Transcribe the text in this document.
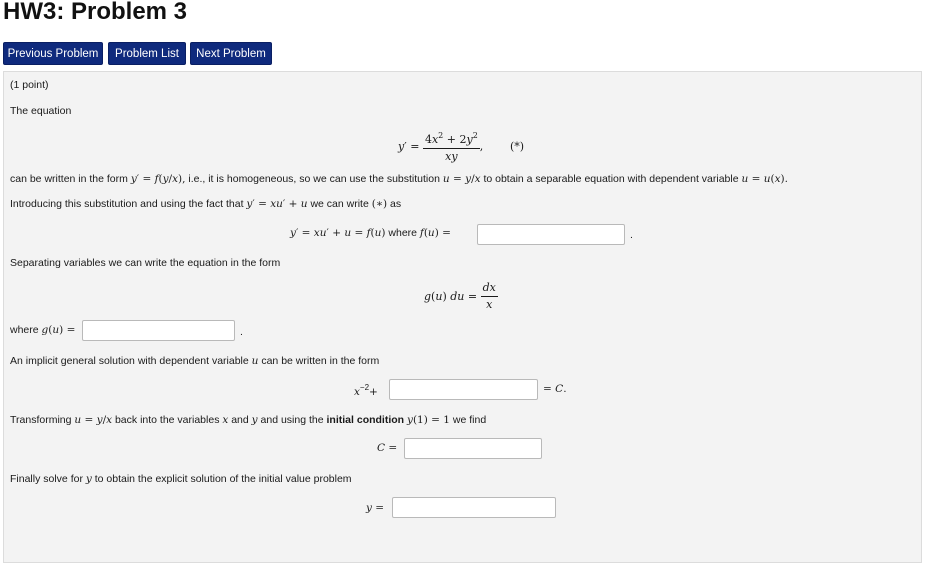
HW3: Problem 3
Previous Problem	Problem List	Next Problem
(1 point)
The equation
y ′ = $\frac{4x^2 + 2y^2}{xy}$ , (*)
can be written in the form y′ = f(y/x), i.e., it is homogeneous, so we can use the substitution u = y/x to obtain a separable equation with dependent variable u = u(x).
Introducing this substitution and using the fact that y′ = xu′ + u we can write (∗) as
y′ = xu′ + u = f(u) where f(u) =	.
Separating variables we can write the equation in the form
g ( u ) du = $\frac{dx}{x}$
where g(u) =	.
An implicit general solution with dependent variable u can be written in the form
$x^{-2}+$	= C.
Transforming u = y/x back into the variables x and y and using the initial condition y(1) = 1 we find
C =
Finally solve for y to obtain the explicit solution of the initial value problem
y =
